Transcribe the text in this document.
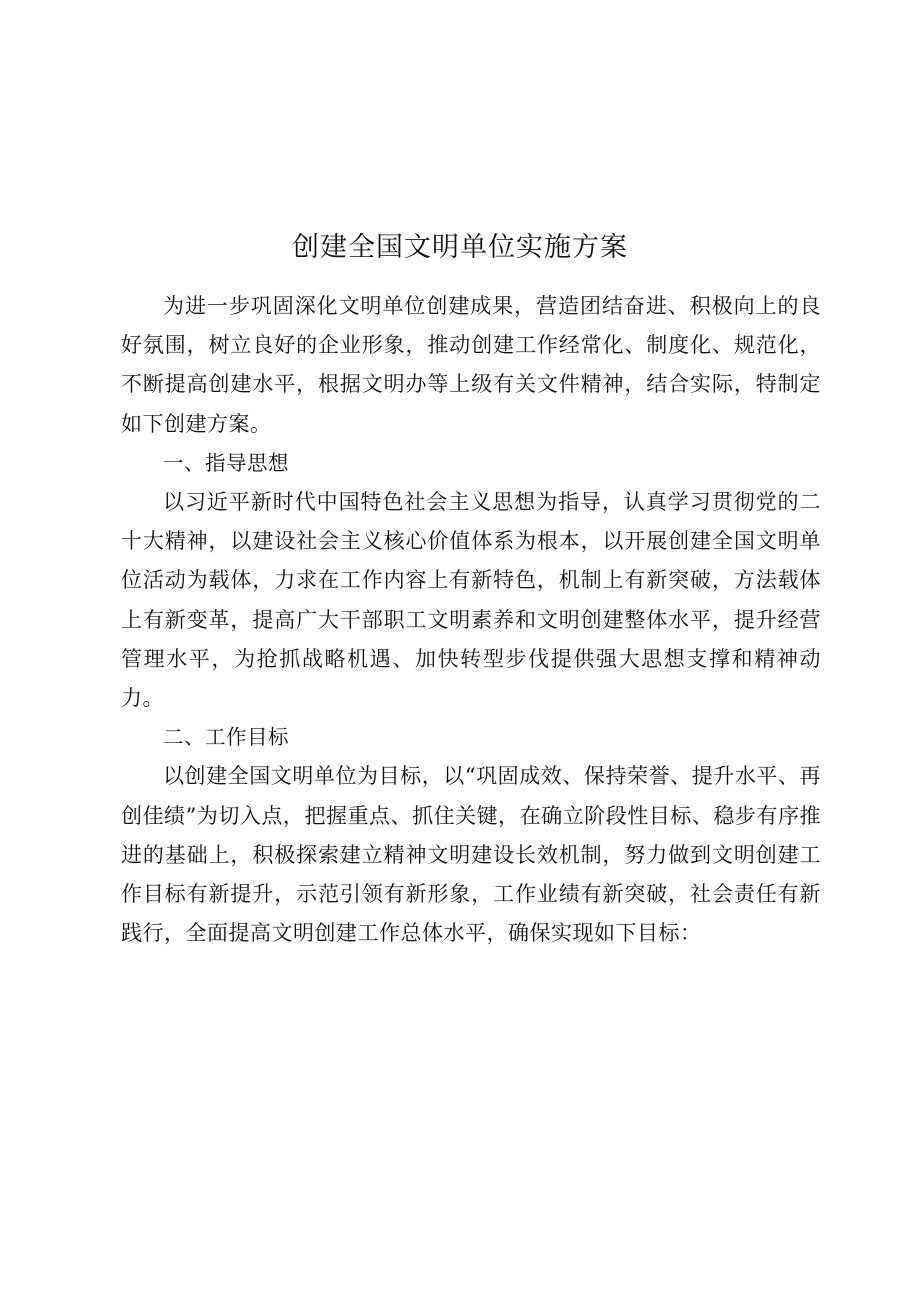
创建全国文明单位实施方案

为进一步巩固深化文明单位创建成果，营造团结奋进、积极向上的良好氛围，树立良好的企业形象，推动创建工作经常化、制度化、规范化，不断提高创建水平，根据文明办等上级有关文件精神，结合实际，特制定如下创建方案。

一、指导思想

以习近平新时代中国特色社会主义思想为指导，认真学习贯彻党的二十大精神，以建设社会主义核心价值体系为根本，以开展创建全国文明单位活动为载体，力求在工作内容上有新特色，机制上有新突破，方法载体上有新变革，提高广大干部职工文明素养和文明创建整体水平，提升经营管理水平，为抢抓战略机遇、加快转型步伐提供强大思想支撑和精神动力。

二、工作目标

以创建全国文明单位为目标，以“巩固成效、保持荣誉、提升水平、再创佳绩”为切入点，把握重点、抓住关键，在确立阶段性目标、稳步有序推进的基础上，积极探索建立精神文明建设长效机制，努力做到文明创建工作目标有新提升，示范引领有新形象，工作业绩有新突破，社会责任有新践行，全面提高文明创建工作总体水平，确保实现如下目标：
